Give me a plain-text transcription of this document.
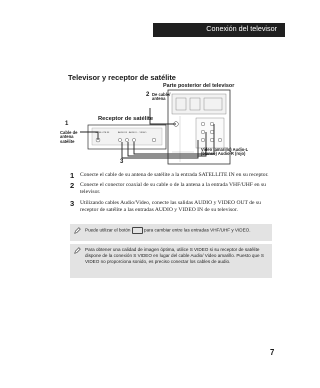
Conexión del televisor
Televisor y receptor de satélite
SATELLITE IN	AUDIO R · AUDIO L · VIDEO
Parte posterior del televisor
Receptor de satélite
Cable de antena satélite
De cable/ antena
Video (amarillo) Audio-L (blanco) Audio-R (rojo)
1
2
3
1 Conecte el cable de su antena de satélite a la entrada SATELLITE IN en su receptor.
2 Conecte el conector coaxial de su cable o de la antena a la entrada VHF/UHF en su televisor.
3 Utilizando cables Audio/Video, conecte las salidas AUDIO y VIDEO OUT de su receptor de satélite a las entradas AUDIO y VIDEO IN de su televisor.
Puede utilizar el botón	para cambiar entre las entradas VHF/UHF y VIDEO.
Para obtener una calidad de imagen óptima, utilice S VIDEO si su receptor de satélite dispone de la conexión S VIDEO en lugar del cable Audio/ Video amarillo. Puesto que S VIDEO no proporciona sonido, es preciso conectar los cables de audio.
7
